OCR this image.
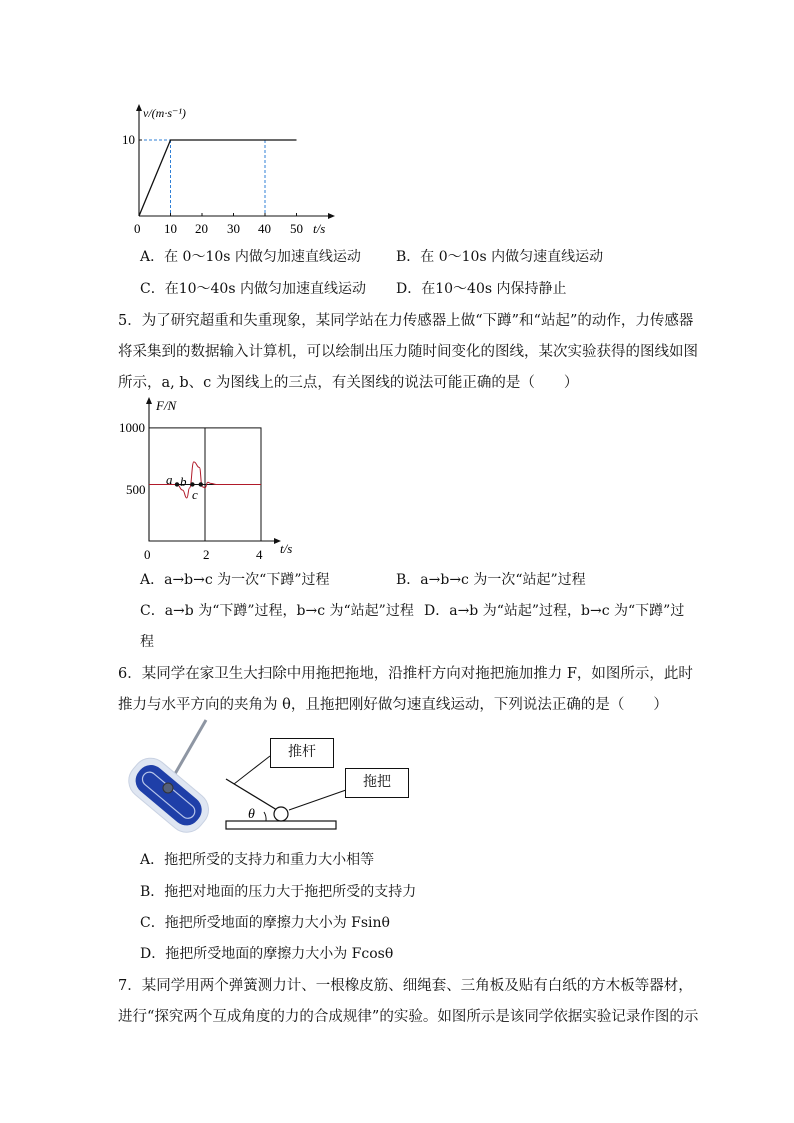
v/(m·s⁻¹)
10
0 10 20 30 40 50 t/s
A．在 0～10s 内做匀加速直线运动	B．在 0～10s 内做匀速直线运动
C．在10～40s 内做匀加速直线运动 D．在10～40s 内保持静止
5．为了研究超重和失重现象，某同学站在力传感器上做“下蹲”和“站起”的动作，力传感器
将采集到的数据输入计算机，可以绘制出压力随时间变化的图线，某次实验获得的图线如图
所示，a, b、c 为图线上的三点，有关图线的说法可能正确的是（　　）
F/N
1000
500
0	2	4 t/s
a b
c
A．a→b→c 为一次“下蹲”过程	B．a→b→c 为一次“站起”过程
C．a→b 为“下蹲”过程，b→c 为“站起”过程 D．a→b 为“站起”过程，b→c 为“下蹲”过
程
6．某同学在家卫生大扫除中用拖把拖地，沿推杆方向对拖把施加推力 F，如图所示，此时
推力与水平方向的夹角为 θ，且拖把刚好做匀速直线运动，下列说法正确的是（　　）
θ
推杆
拖把
A．拖把所受的支持力和重力大小相等
B．拖把对地面的压力大于拖把所受的支持力
C．拖把所受地面的摩擦力大小为 Fsinθ
D．拖把所受地面的摩擦力大小为 Fcosθ
7．某同学用两个弹簧测力计、一根橡皮筋、细绳套、三角板及贴有白纸的方木板等器材，
进行“探究两个互成角度的力的合成规律”的实验。如图所示是该同学依据实验记录作图的示
